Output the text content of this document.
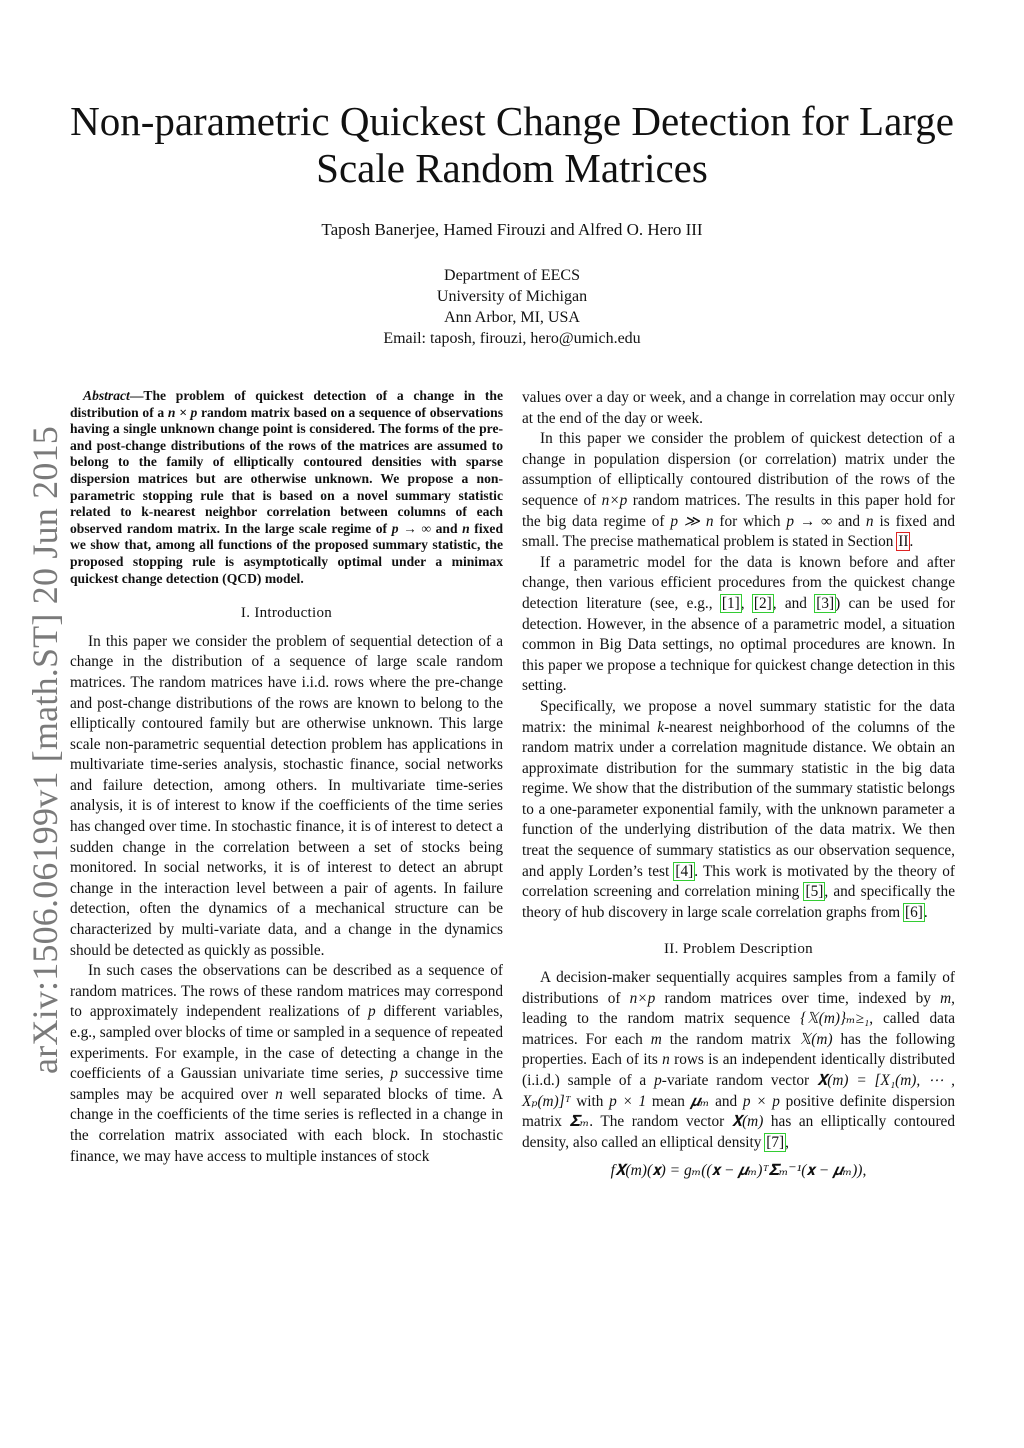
arXiv:1506.06199v1 [math.ST] 20 Jun 2015
Non-parametric Quickest Change Detection for Large Scale Random Matrices
Taposh Banerjee, Hamed Firouzi and Alfred O. Hero III
Department of EECS
University of Michigan
Ann Arbor, MI, USA
Email: taposh, firouzi, hero@umich.edu

Abstract—The problem of quickest detection of a change in the distribution of a n × p random matrix based on a sequence of observations having a single unknown change point is considered. The forms of the pre- and post-change distributions of the rows of the matrices are assumed to belong to the family of elliptically contoured densities with sparse dispersion matrices but are otherwise unknown. We propose a non-parametric stopping rule that is based on a novel summary statistic related to k-nearest neighbor correlation between columns of each observed random matrix. In the large scale regime of p → ∞ and n fixed we show that, among all functions of the proposed summary statistic, the proposed stopping rule is asymptotically optimal under a minimax quickest change detection (QCD) model.

I. Introduction

In this paper we consider the problem of sequential detection of a change in the distribution of a sequence of large scale random matrices. The random matrices have i.i.d. rows where the pre-change and post-change distributions of the rows are known to belong to the elliptically contoured family but are otherwise unknown. This large scale non-parametric sequential detection problem has applications in multivariate time-series analysis, stochastic finance, social networks and failure detection, among others. In multivariate time-series analysis, it is of interest to know if the coefficients of the time series has changed over time. In stochastic finance, it is of interest to detect a sudden change in the correlation between a set of stocks being monitored. In social networks, it is of interest to detect an abrupt change in the interaction level between a pair of agents. In failure detection, often the dynamics of a mechanical structure can be characterized by multi-variate data, and a change in the dynamics should be detected as quickly as possible.

In such cases the observations can be described as a sequence of random matrices. The rows of these random matrices may correspond to approximately independent realizations of p different variables, e.g., sampled over blocks of time or sampled in a sequence of repeated experiments. For example, in the case of detecting a change in the coefficients of a Gaussian univariate time series, p successive time samples may be acquired over n well separated blocks of time. A change in the coefficients of the time series is reflected in a change in the correlation matrix associated with each block. In stochastic finance, we may have access to multiple instances of stock

values over a day or week, and a change in correlation may occur only at the end of the day or week.

In this paper we consider the problem of quickest detection of a change in population dispersion (or correlation) matrix under the assumption of elliptically contoured distribution of the rows of the sequence of n×p random matrices. The results in this paper hold for the big data regime of p ≫ n for which p → ∞ and n is fixed and small. The precise mathematical problem is stated in Section II.

If a parametric model for the data is known before and after change, then various efficient procedures from the quickest change detection literature (see, e.g., [1], [2], and [3]) can be used for detection. However, in the absence of a parametric model, a situation common in Big Data settings, no optimal procedures are known. In this paper we propose a technique for quickest change detection in this setting.

Specifically, we propose a novel summary statistic for the data matrix: the minimal k-nearest neighborhood of the columns of the random matrix under a correlation magnitude distance. We obtain an approximate distribution for the summary statistic in the big data regime. We show that the distribution of the summary statistic belongs to a one-parameter exponential family, with the unknown parameter a function of the underlying distribution of the data matrix. We then treat the sequence of summary statistics as our observation sequence, and apply Lorden’s test [4]. This work is motivated by the theory of correlation screening and correlation mining [5], and specifically the theory of hub discovery in large scale correlation graphs from [6].

II. Problem Description

A decision-maker sequentially acquires samples from a family of distributions of n×p random matrices over time, indexed by m, leading to the random matrix sequence {𝕏(m)}ₘ≥₁, called data matrices. For each m the random matrix 𝕏(m) has the following properties. Each of its n rows is an independent identically distributed (i.i.d.) sample of a p-variate random vector 𝐗(m) = [X₁(m), ⋯ , Xₚ(m)]ᵀ with p × 1 mean 𝝁ₘ and p × p positive definite dispersion matrix 𝚺ₘ. The random vector 𝐗(m) has an elliptically contoured density, also called an elliptical density [7],

f𝐗(m)(𝐱) = gₘ((𝐱 − 𝝁ₘ)ᵀ𝚺ₘ⁻¹(𝐱 − 𝝁ₘ)),
